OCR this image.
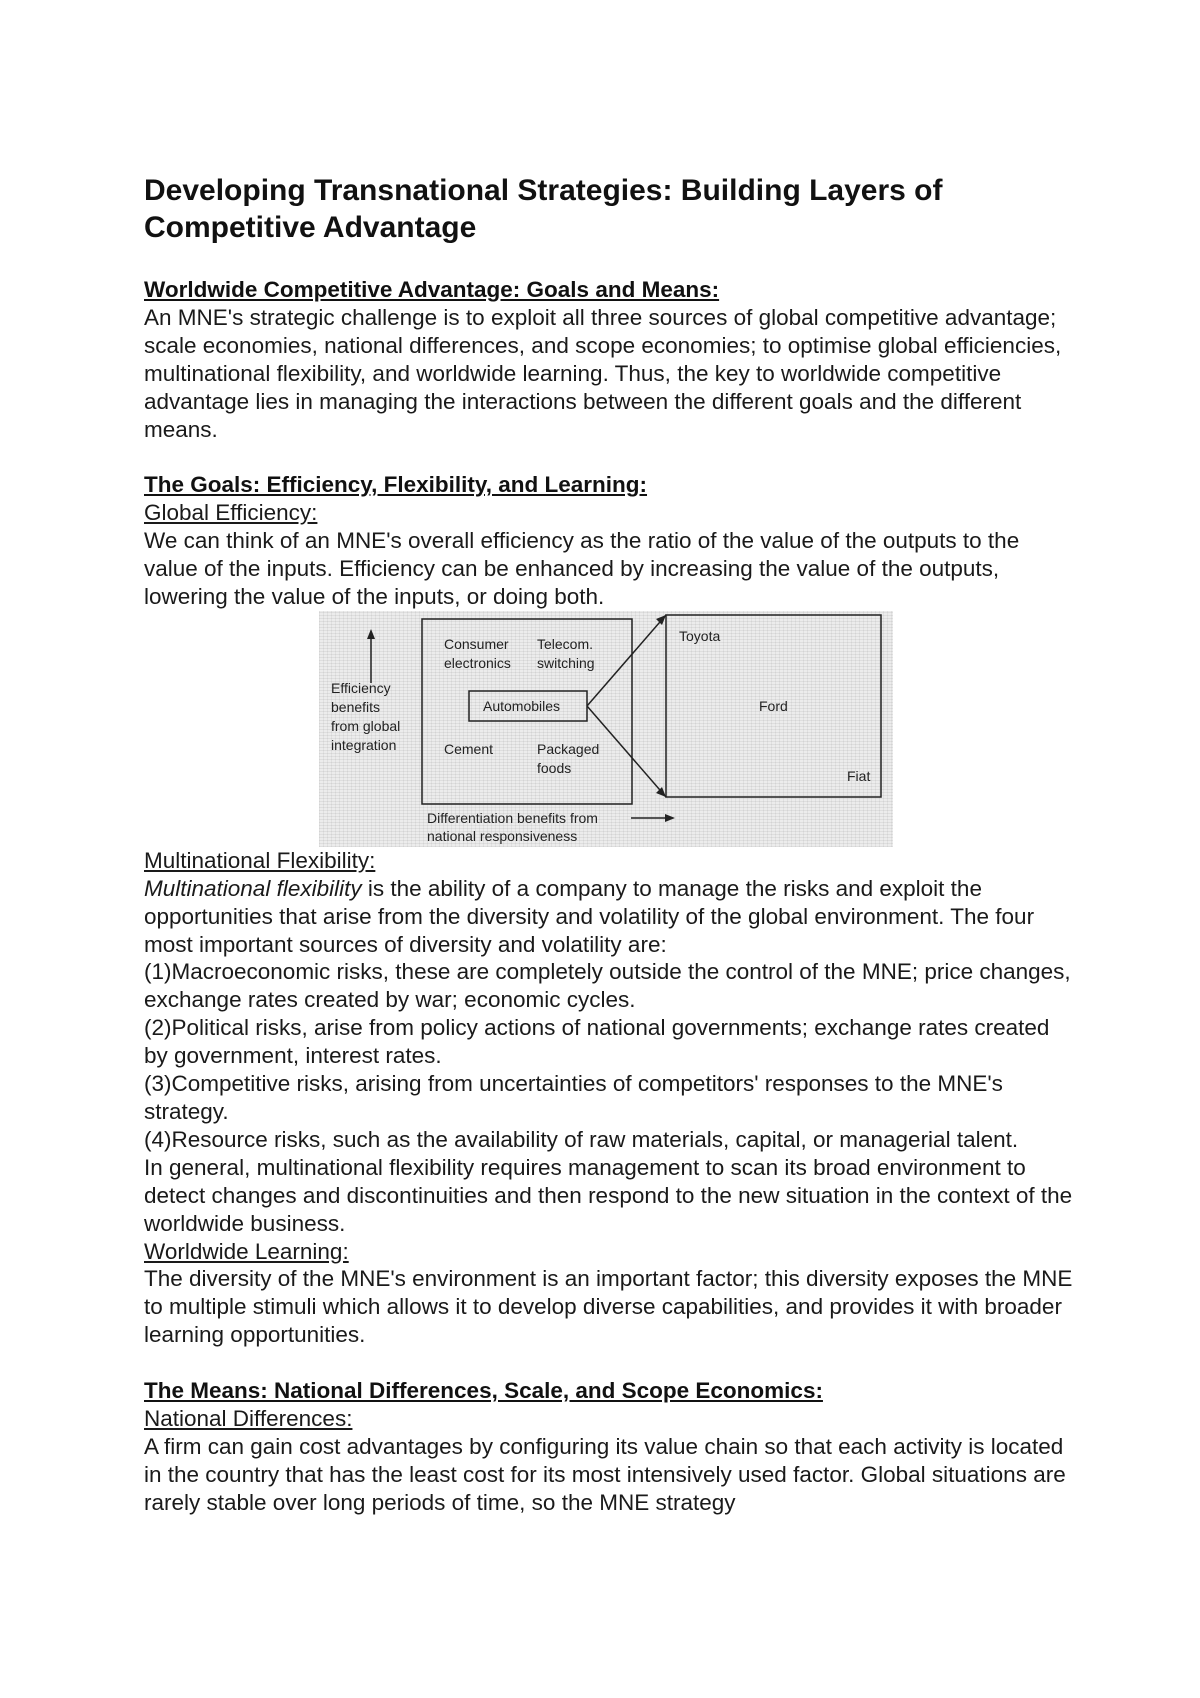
Developing Transnational Strategies: Building Layers of Competitive Advantage
Worldwide Competitive Advantage: Goals and Means:

An MNE's strategic challenge is to exploit all three sources of global competitive advantage; scale economies, national differences, and scope economies; to optimise global efficiencies, multinational flexibility, and worldwide learning. Thus, the key to worldwide competitive advantage lies in managing the interactions between the different goals and the different means.

The Goals: Efficiency, Flexibility, and Learning:

Global Efficiency:

We can think of an MNE's overall efficiency as the ratio of the value of the outputs to the value of the inputs. Efficiency can be enhanced by increasing the value of the outputs, lowering the value of the inputs, or doing both.

Efficiency
benefits
from global
integration
Consumer
electronics
Telecom.
switching
Automobiles
Cement	Packaged
foods
Toyota
Ford
Fiat
Differentiation benefits from
national responsiveness

Multinational Flexibility:

Multinational flexibility is the ability of a company to manage the risks and exploit the opportunities that arise from the diversity and volatility of the global environment. The four most important sources of diversity and volatility are:

(1)Macroeconomic risks, these are completely outside the control of the MNE; price changes, exchange rates created by war; economic cycles.

(2)Political risks, arise from policy actions of national governments; exchange rates created by government, interest rates.

(3)Competitive risks, arising from uncertainties of competitors' responses to the MNE's strategy.

(4)Resource risks, such as the availability of raw materials, capital, or managerial talent.

In general, multinational flexibility requires management to scan its broad environment to detect changes and discontinuities and then respond to the new situation in the context of the worldwide business.

Worldwide Learning:

The diversity of the MNE's environment is an important factor; this diversity exposes the MNE to multiple stimuli which allows it to develop diverse capabilities, and provides it with broader learning opportunities.

The Means: National Differences, Scale, and Scope Economics:

National Differences:

A firm can gain cost advantages by configuring its value chain so that each activity is located in the country that has the least cost for its most intensively used factor. Global situations are rarely stable over long periods of time, so the MNE strategy
